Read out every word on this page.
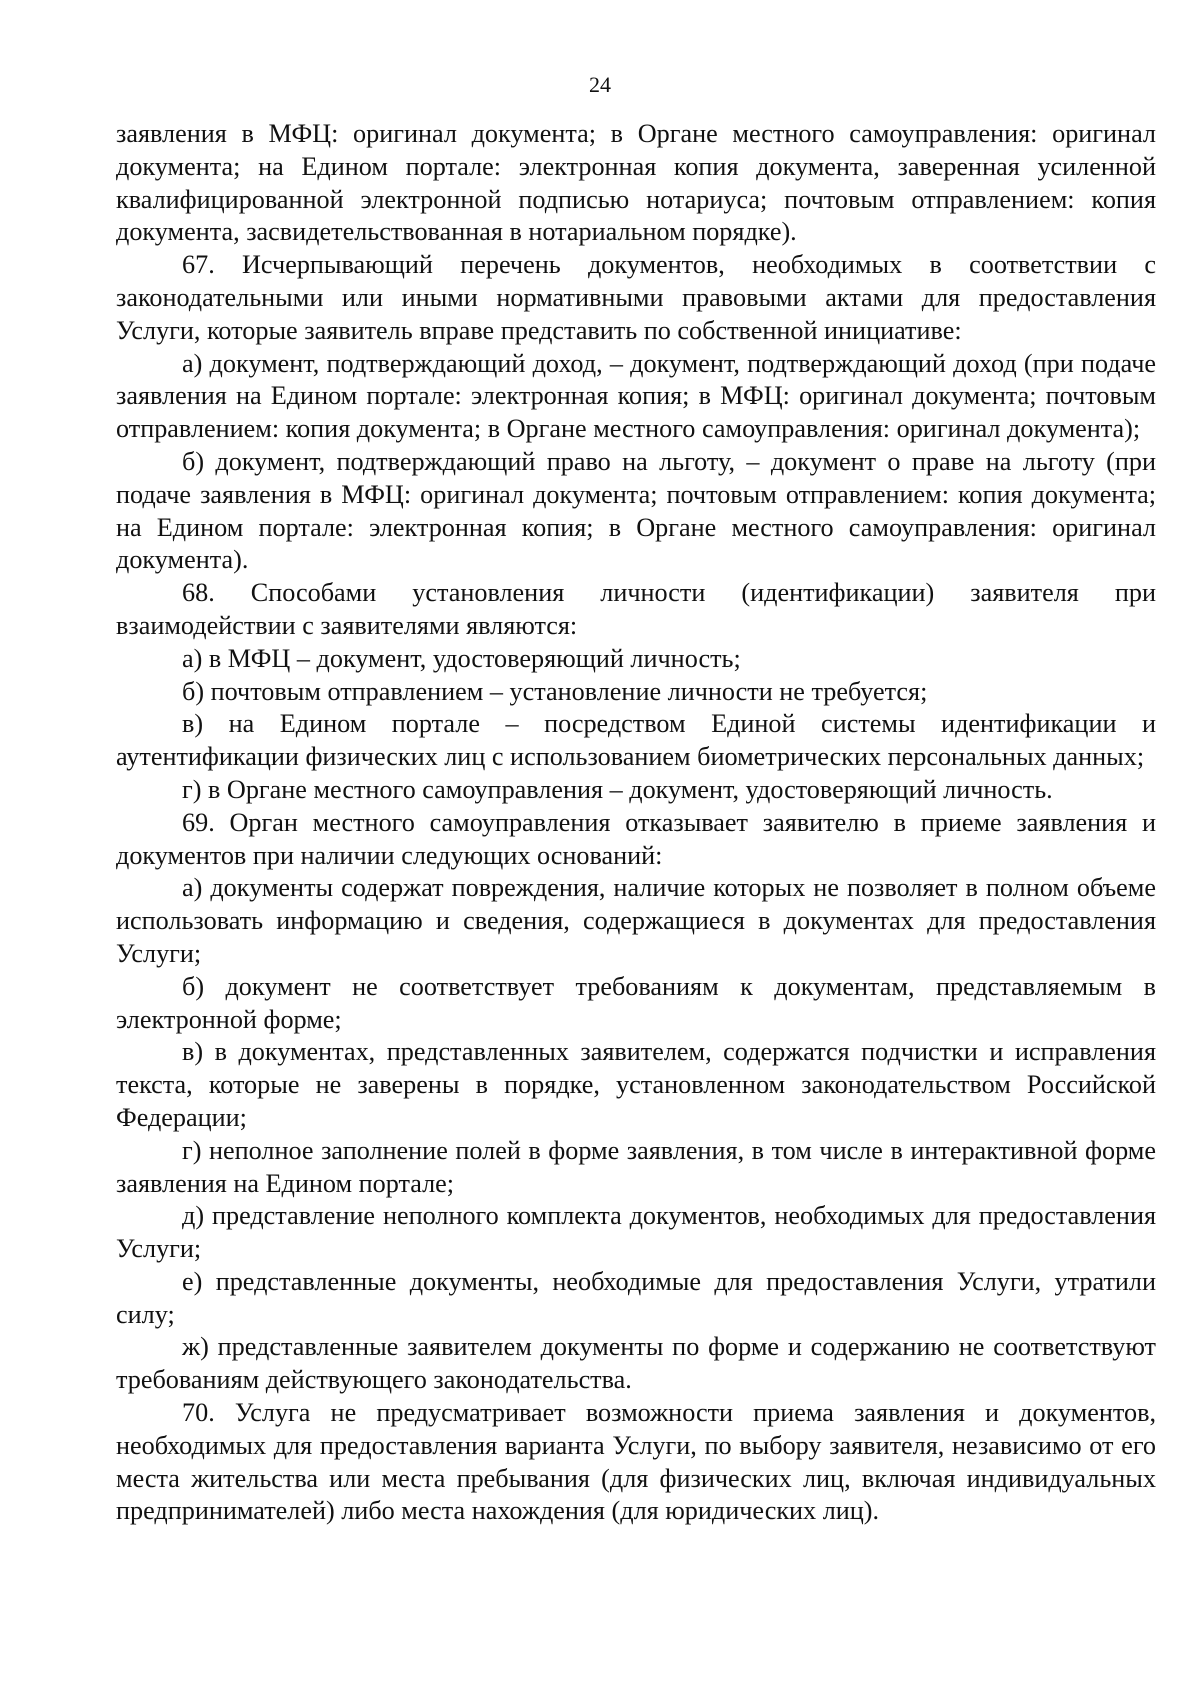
24

заявления в МФЦ: оригинал документа; в Органе местного самоуправления: оригинал документа; на Едином портале: электронная копия документа, заверенная усиленной квалифицированной электронной подписью нотариуса; почтовым отправлением: копия документа, засвидетельствованная в нотариальном порядке).

67. Исчерпывающий перечень документов, необходимых в соответствии с законодательными или иными нормативными правовыми актами для предоставления Услуги, которые заявитель вправе представить по собственной инициативе:

а) документ, подтверждающий доход, – документ, подтверждающий доход (при подаче заявления на Едином портале: электронная копия; в МФЦ: оригинал документа; почтовым отправлением: копия документа; в Органе местного самоуправления: оригинал документа);

б) документ, подтверждающий право на льготу, – документ о праве на льготу (при подаче заявления в МФЦ: оригинал документа; почтовым отправлением: копия документа; на Едином портале: электронная копия; в Органе местного самоуправления: оригинал документа).

68. Способами установления личности (идентификации) заявителя при взаимодействии с заявителями являются:

а) в МФЦ – документ, удостоверяющий личность;

б) почтовым отправлением – установление личности не требуется;

в) на Едином портале – посредством Единой системы идентификации и аутентификации физических лиц с использованием биометрических персональных данных;

г) в Органе местного самоуправления – документ, удостоверяющий личность.

69. Орган местного самоуправления отказывает заявителю в приеме заявления и документов при наличии следующих оснований:

а) документы содержат повреждения, наличие которых не позволяет в полном объеме использовать информацию и сведения, содержащиеся в документах для предоставления Услуги;

б) документ не соответствует требованиям к документам, представляемым в электронной форме;

в) в документах, представленных заявителем, содержатся подчистки и исправления текста, которые не заверены в порядке, установленном законодательством Российской Федерации;

г) неполное заполнение полей в форме заявления, в том числе в интерактивной форме заявления на Едином портале;

д) представление неполного комплекта документов, необходимых для предоставления Услуги;

е) представленные документы, необходимые для предоставления Услуги, утратили силу;

ж) представленные заявителем документы по форме и содержанию не соответствуют требованиям действующего законодательства.

70. Услуга не предусматривает возможности приема заявления и документов, необходимых для предоставления варианта Услуги, по выбору заявителя, независимо от его места жительства или места пребывания (для физических лиц, включая индивидуальных предпринимателей) либо места нахождения (для юридических лиц).
